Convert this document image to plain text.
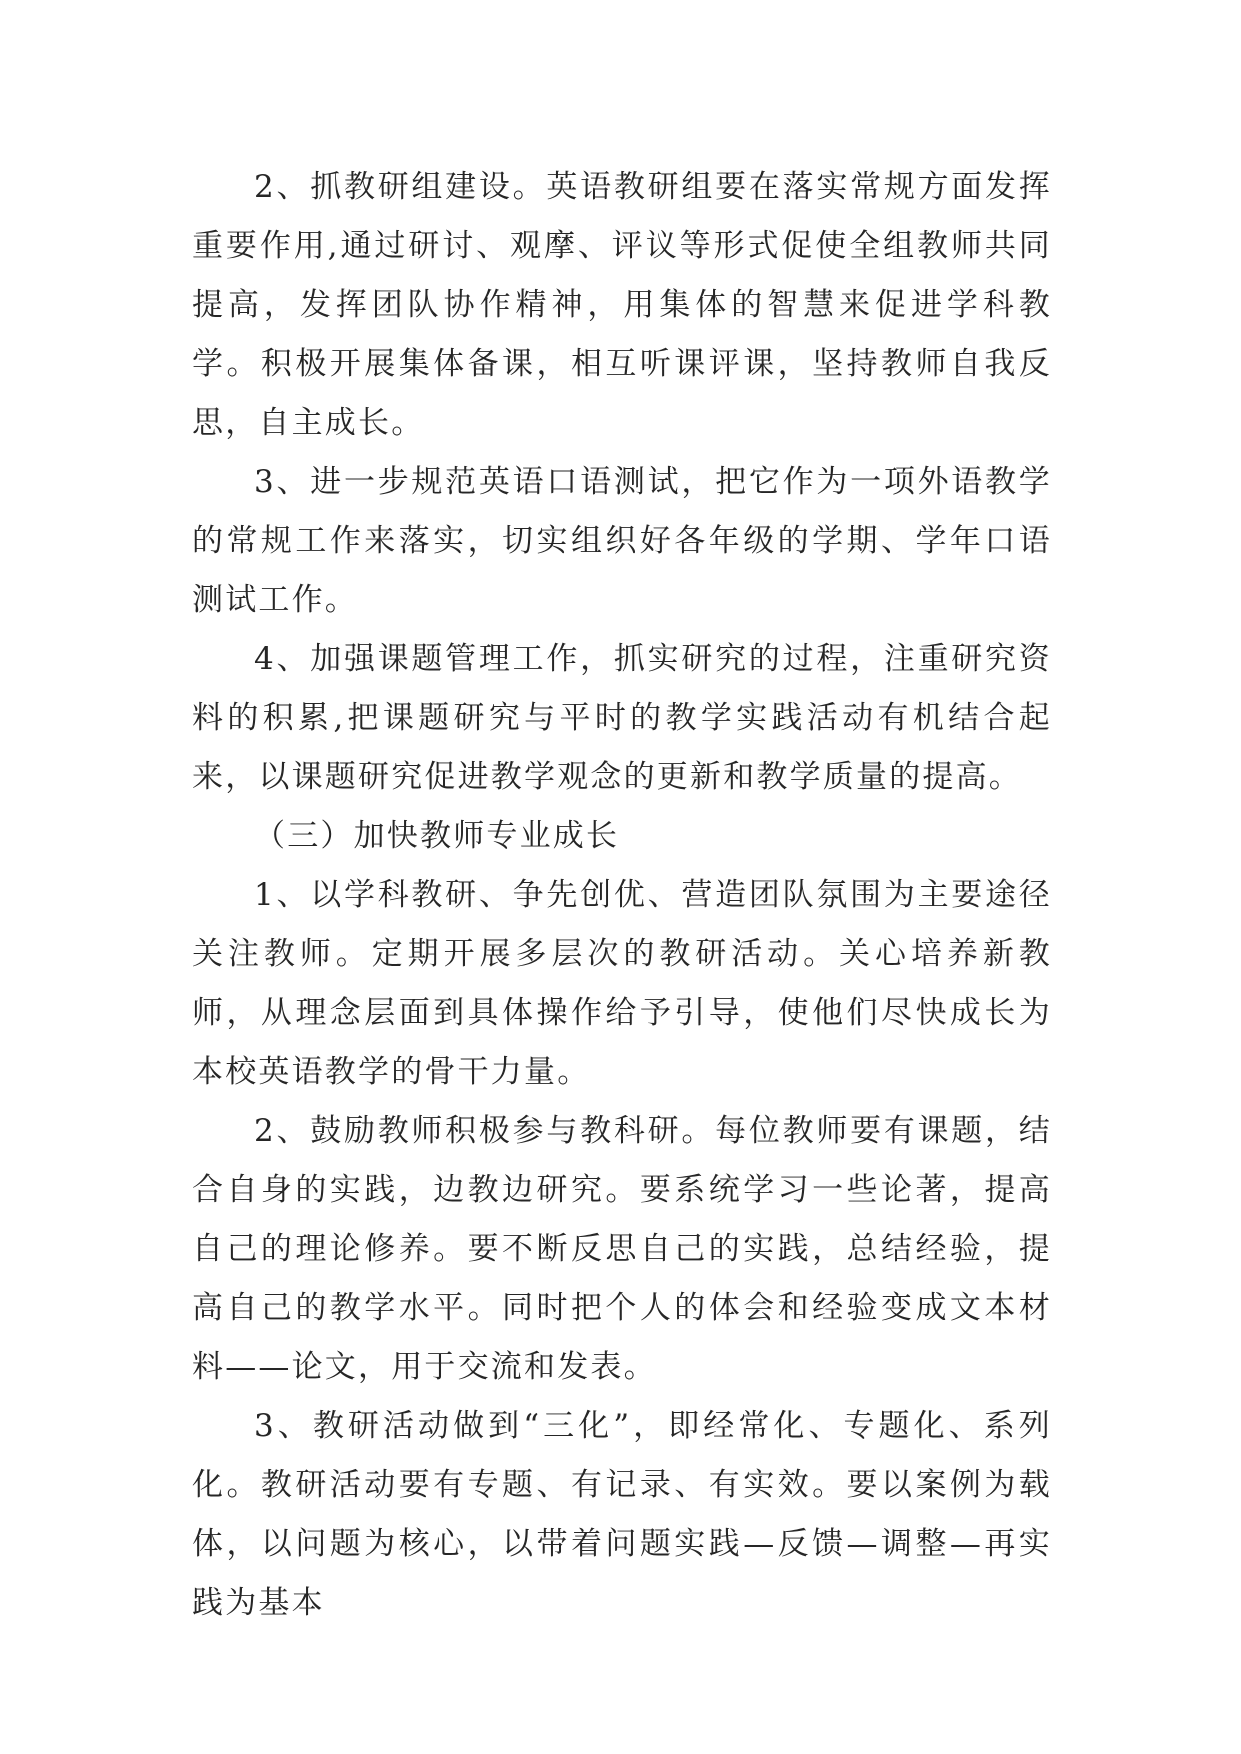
2、抓教研组建设。英语教研组要在落实常规方面发挥重要作用,通过研讨、观摩、评议等形式促使全组教师共同提高，发挥团队协作精神，用集体的智慧来促进学科教学。积极开展集体备课，相互听课评课，坚持教师自我反思，自主成长。

3、进一步规范英语口语测试，把它作为一项外语教学的常规工作来落实，切实组织好各年级的学期、学年口语测试工作。

4、加强课题管理工作，抓实研究的过程，注重研究资料的积累,把课题研究与平时的教学实践活动有机结合起来，以课题研究促进教学观念的更新和教学质量的提高。

（三）加快教师专业成长

1、以学科教研、争先创优、营造团队氛围为主要途径关注教师。定期开展多层次的教研活动。关心培养新教师，从理念层面到具体操作给予引导，使他们尽快成长为本校英语教学的骨干力量。

2、鼓励教师积极参与教科研。每位教师要有课题，结合自身的实践，边教边研究。要系统学习一些论著，提高自己的理论修养。要不断反思自己的实践，总结经验，提高自己的教学水平。同时把个人的体会和经验变成文本材料——论文，用于交流和发表。

3、教研活动做到“三化”，即经常化、专题化、系列化。教研活动要有专题、有记录、有实效。要以案例为载体，以问题为核心，以带着问题实践—反馈—调整—再实践为基本
